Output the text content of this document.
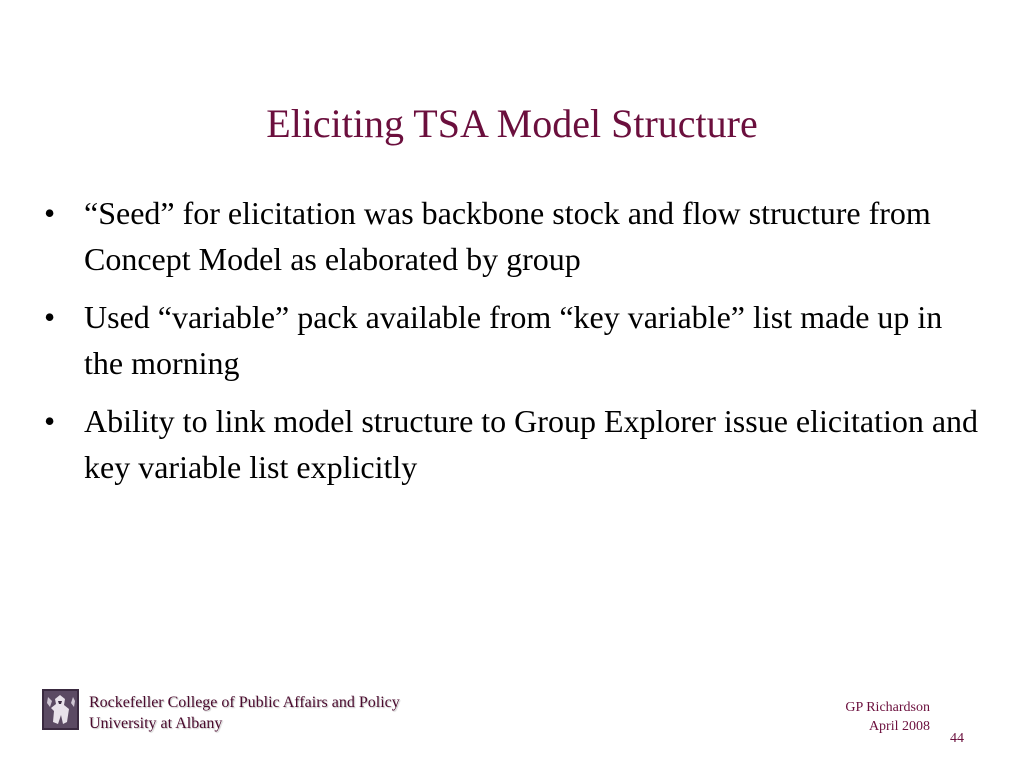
Eliciting TSA Model Structure
• “Seed” for elicitation was backbone stock and flow structure from Concept Model as elaborated by group
• Used “variable” pack available from “key variable” list made up in the morning
• Ability to link model structure to Group Explorer issue elicitation and key variable list explicitly
Rockefeller College of Public Affairs and Policy
University at Albany
GP Richardson
April 2008
44
